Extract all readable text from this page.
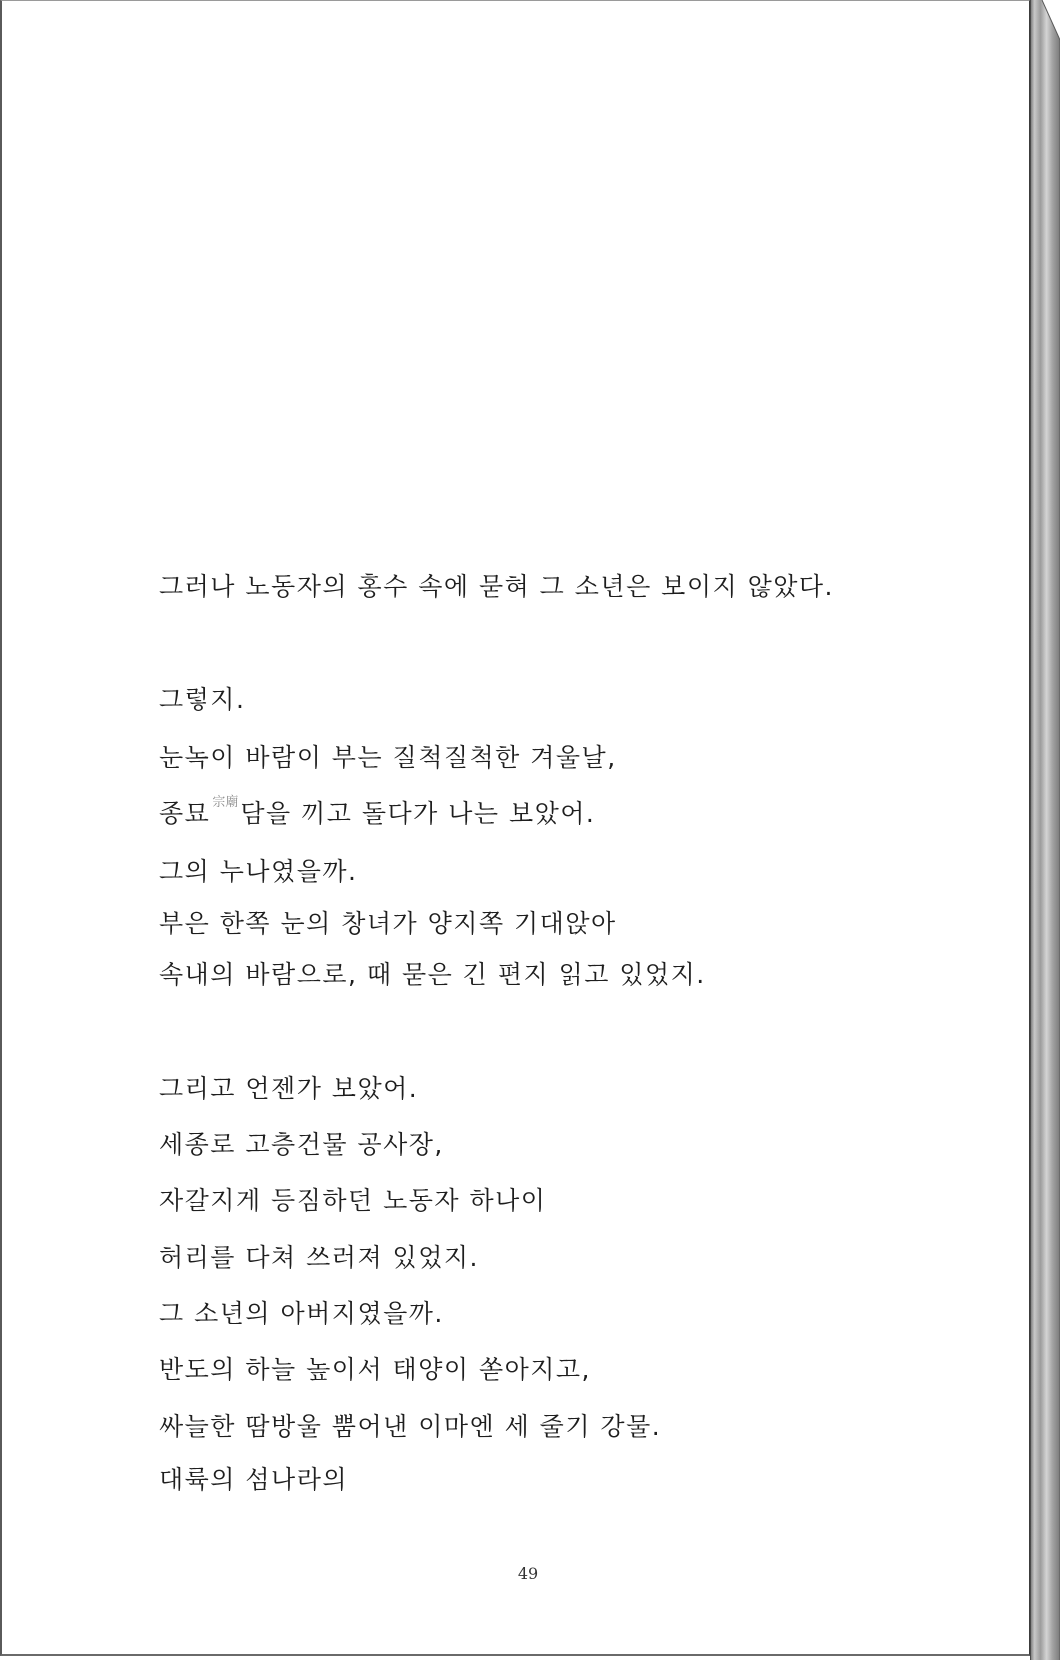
그러나 노동자의 홍수 속에 묻혀 그 소년은 보이지 않았다.
그렇지.
눈녹이 바람이 부는 질척질척한 겨울날,
종묘 宗廟담을 끼고 돌다가 나는 보았어.
그의 누나였을까.
부은 한쪽 눈의 창녀가 양지쪽 기대앉아
속내의 바람으로, 때 묻은 긴 편지 읽고 있었지.
그리고 언젠가 보았어.
세종로 고층건물 공사장,
자갈지게 등짐하던 노동자 하나이
허리를 다쳐 쓰러져 있었지.
그 소년의 아버지였을까.
반도의 하늘 높이서 태양이 쏟아지고,
싸늘한 땀방울 뿜어낸 이마엔 세 줄기 강물.
대륙의 섬나라의
49
